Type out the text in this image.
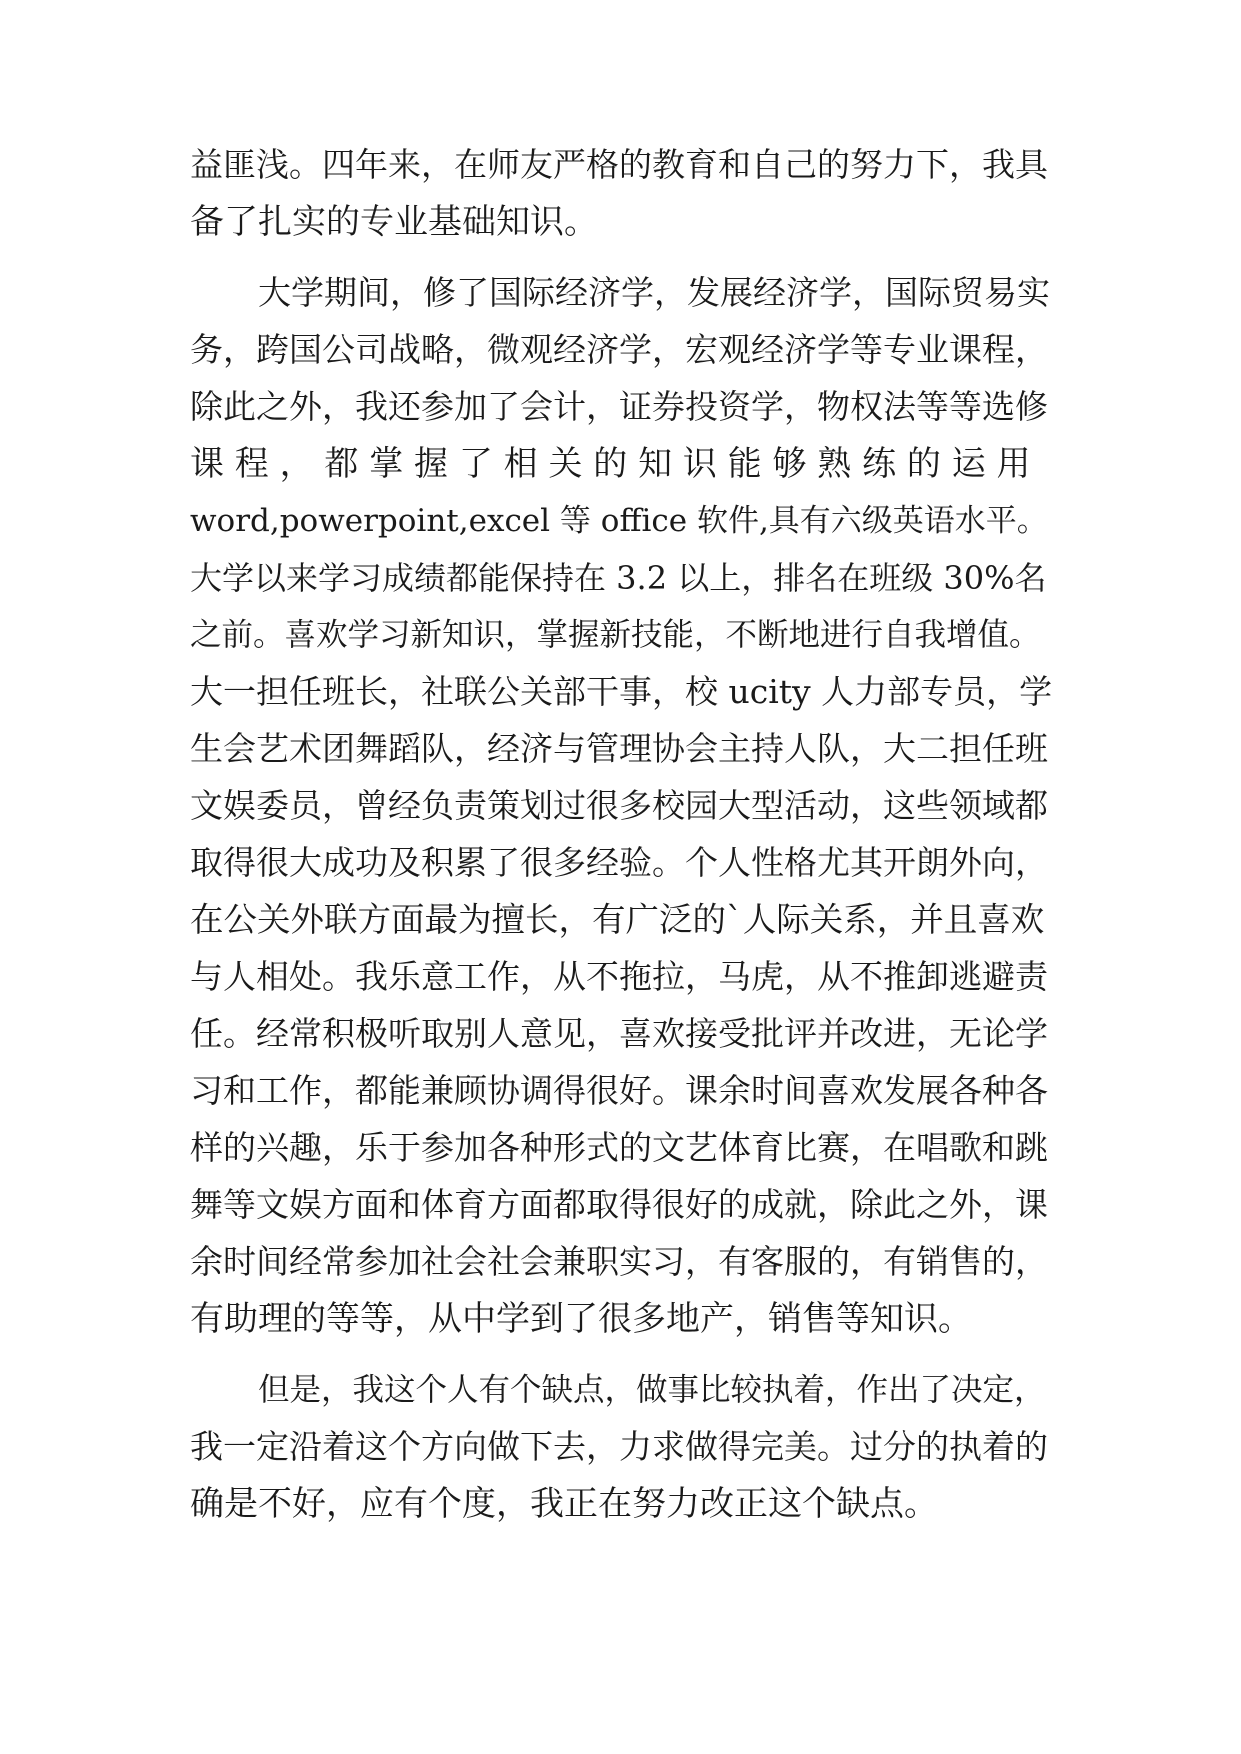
益匪浅。四年来，在师友严格的教育和自己的努力下，我具
备了扎实的专业基础知识。
大学期间，修了国际经济学，发展经济学，国际贸易实
务，跨国公司战略，微观经济学，宏观经济学等专业课程，
除此之外，我还参加了会计，证券投资学，物权法等等选修
课 程 ， 都 掌 握 了 相 关 的 知 识 能 够 熟 练 的 运 用
word,powerpoint,excel 等 office 软件,具有六级英语水平。
大学以来学习成绩都能保持在 3.2 以上，排名在班级 30%名
之前。喜欢学习新知识，掌握新技能，不断地进行自我增值。
大一担任班长，社联公关部干事，校 ucity 人力部专员，学
生会艺术团舞蹈队，经济与管理协会主持人队，大二担任班
文娱委员，曾经负责策划过很多校园大型活动，这些领域都
取得很大成功及积累了很多经验。个人性格尤其开朗外向，
在公关外联方面最为擅长，有广泛的`人际关系，并且喜欢
与人相处。我乐意工作，从不拖拉，马虎，从不推卸逃避责
任。经常积极听取别人意见，喜欢接受批评并改进，无论学
习和工作，都能兼顾协调得很好。课余时间喜欢发展各种各
样的兴趣，乐于参加各种形式的文艺体育比赛，在唱歌和跳
舞等文娱方面和体育方面都取得很好的成就，除此之外，课
余时间经常参加社会社会兼职实习，有客服的，有销售的，
有助理的等等，从中学到了很多地产，销售等知识。
但是，我这个人有个缺点，做事比较执着，作出了决定，
我一定沿着这个方向做下去，力求做得完美。过分的执着的
确是不好，应有个度，我正在努力改正这个缺点。
